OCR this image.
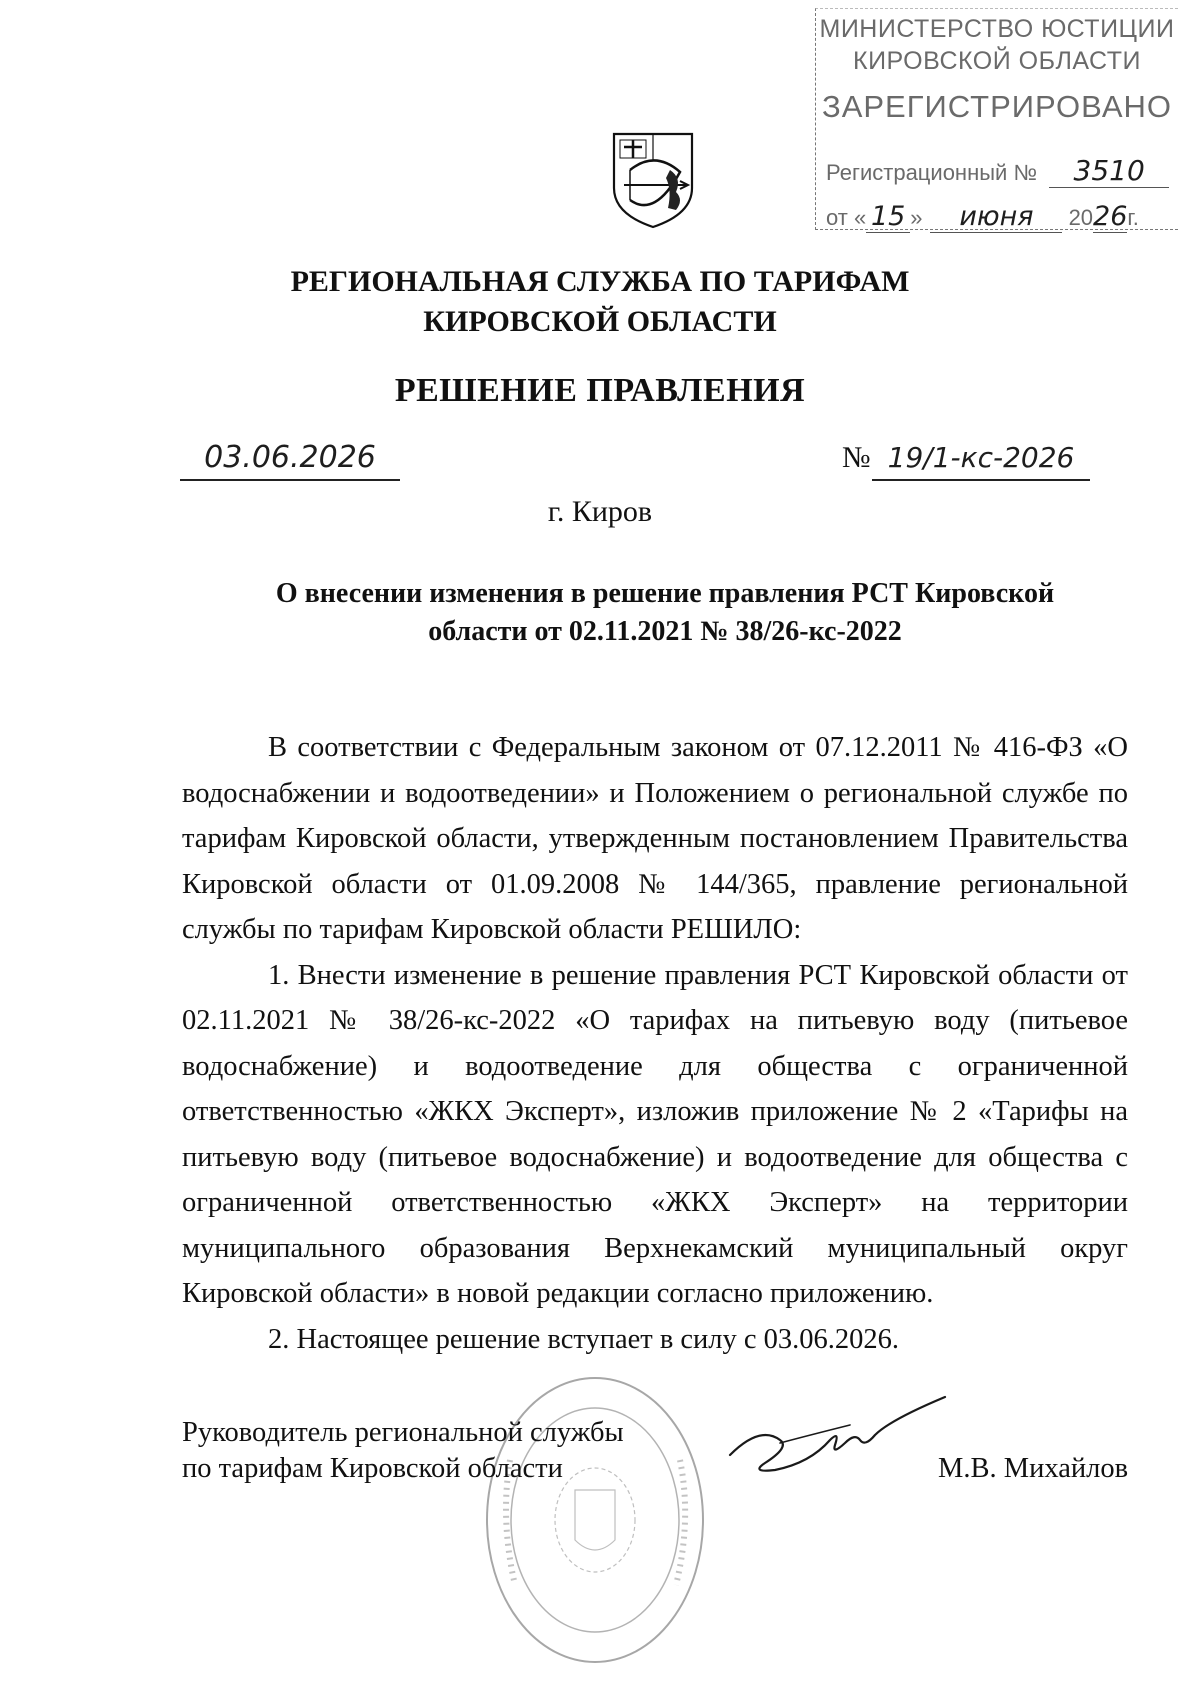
МИНИСТЕРСТВО ЮСТИЦИИ
КИРОВСКОЙ ОБЛАСТИ
ЗАРЕГИСТРИРОВАНО
Регистрационный № 3510
от « 15 » июня 2026г.
РЕГИОНАЛЬНАЯ СЛУЖБА ПО ТАРИФАМ
КИРОВСКОЙ ОБЛАСТИ
РЕШЕНИЕ ПРАВЛЕНИЯ
03.06.2026	№ 19/1-кс-2026
г. Киров
О внесении изменения в решение правления РСТ Кировской
области от 02.11.2021 № 38/26-кс-2022

В соответствии с Федеральным законом от 07.12.2011 № 416-ФЗ «О водоснабжении и водоотведении» и Положением о региональной службе по тарифам Кировской области, утвержденным постановлением Правительства Кировской области от 01.09.2008 № 144/365, правление региональной службы по тарифам Кировской области РЕШИЛО:

1. Внести изменение в решение правления РСТ Кировской области от 02.11.2021 № 38/26-кс-2022 «О тарифах на питьевую воду (питьевое водоснабжение) и водоотведение для общества с ограниченной ответственностью «ЖКХ Эксперт», изложив приложение № 2 «Тарифы на питьевую воду (питьевое водоснабжение) и водоотведение для общества с ограниченной ответственностью «ЖКХ Эксперт» на территории муниципального образования Верхнекамский муниципальный округ Кировской области» в новой редакции согласно приложению.

2. Настоящее решение вступает в силу с 03.06.2026.

Руководитель региональной службы
по тарифам Кировской области	М.В. Михайлов
